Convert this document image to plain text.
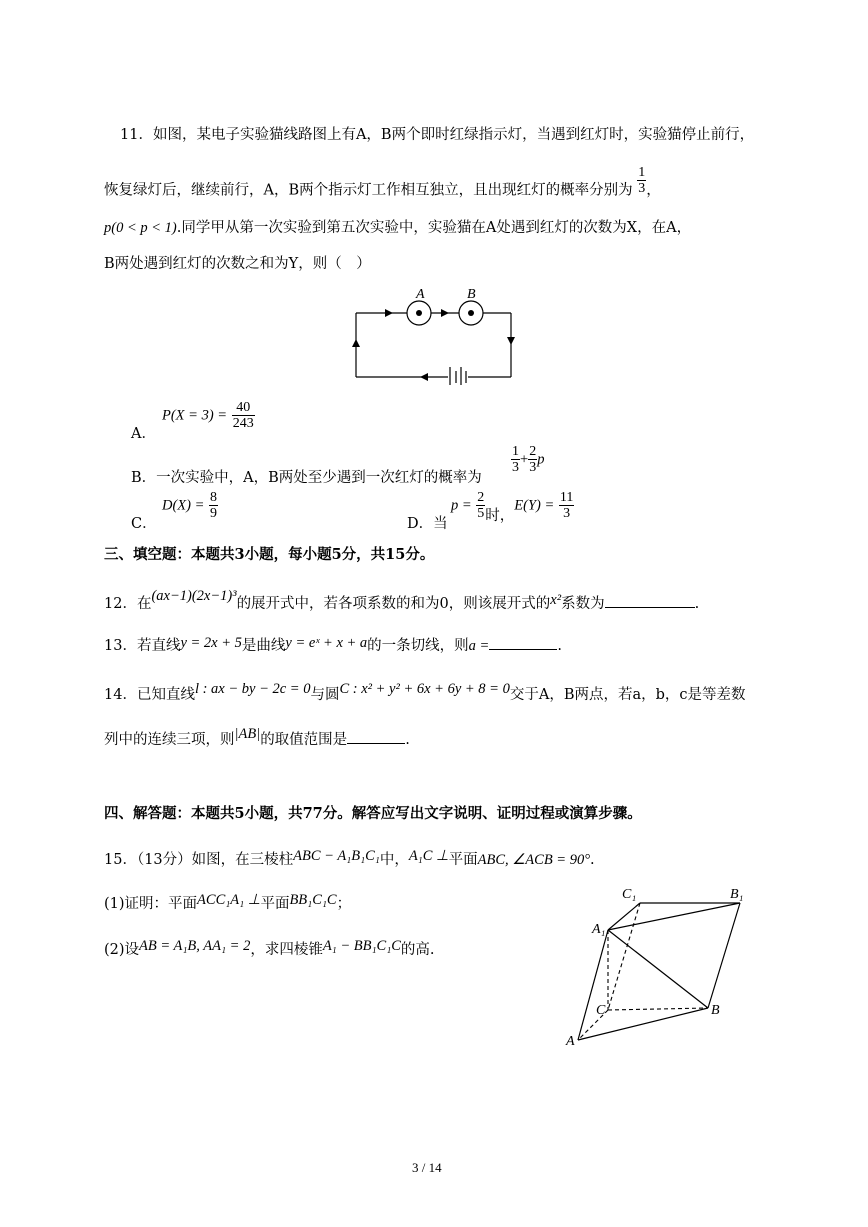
11．如图，某电子实验猫线路图上有A，B两个即时红绿指示灯，当遇到红灯时，实验猫停止前行，
恢复绿灯后，继续前行，A，B两个指示灯工作相互独立，且出现红灯的概率分别为 $\frac{1}{3}$ ，
p(0 < p < 1).同学甲从第一次实验到第五次实验中，实验猫在A处遇到红灯的次数为X，在A，
B两处遇到红灯的次数之和为Y，则（　）
A	B
$P(X = 3) = \frac{40}{243}$
A．
B．一次实验中，A，B两处至少遇到一次红灯的概率为
$\frac{1}{3} + \frac{2}{3}$ p
$D(X) = \frac{8}{9}$
C．	D．当
$p = \frac{2}{5}$ 时，$E(Y) = \frac{11}{3}$
三、填空题：本题共3小题，每小题5分，共15分。
12．在(ax−1)(2x−1)³的展开式中，若各项系数的和为0，则该展开式的x²系数为	.
13．若直线y = 2x + 5是曲线y = eˣ + x + a的一条切线，则a =	.
14．已知直线l : ax − by − 2c = 0与圆C : x² + y² + 6x + 6y + 8 = 0交于A，B两点，若a，b，c是等差数
列中的连续三项，则|AB|的取值范围是	.
四、解答题：本题共5小题，共77分。解答应写出文字说明、证明过程或演算步骤。
15．（13分）如图，在三棱柱ABC − A₁B₁C₁中，A₁C ⊥平面ABC, ∠ACB = 90°.
(1)证明：平面ACC₁A₁ ⊥平面BB₁C₁C；
(2)设AB = A₁B, AA₁ = 2，求四棱锥A₁ − BB₁C₁C的高.
C₁	B₁
A₁
C	B
A
3 / 14
